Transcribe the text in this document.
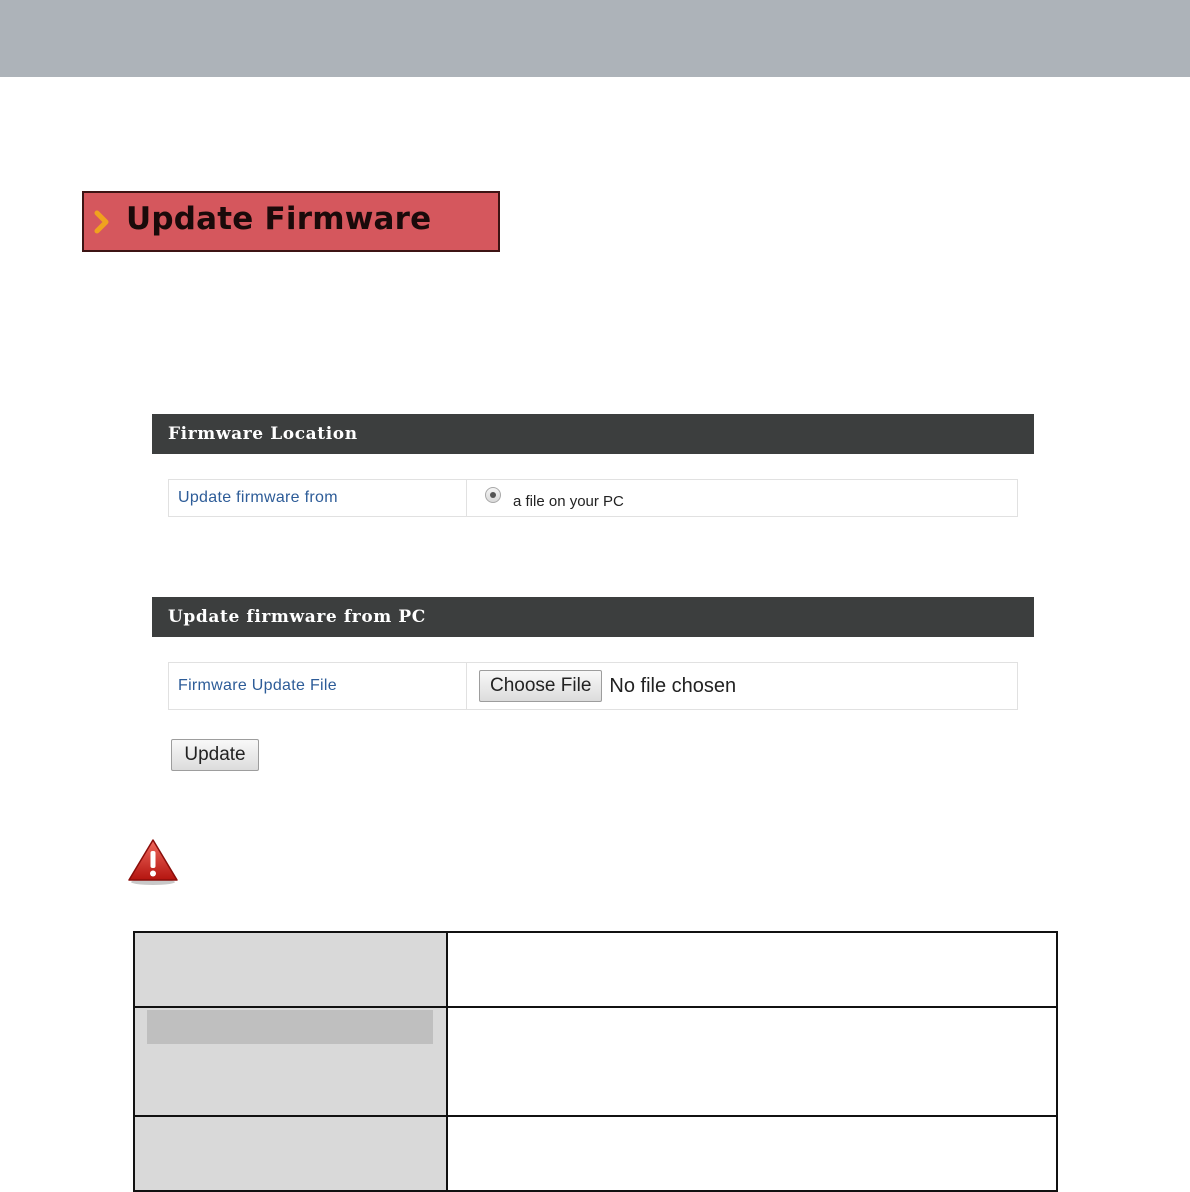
Update Firmware
Firmware Location
Update firmware from	a file on your PC
Update firmware from PC
Firmware Update File	Choose File No file chosen
Update
